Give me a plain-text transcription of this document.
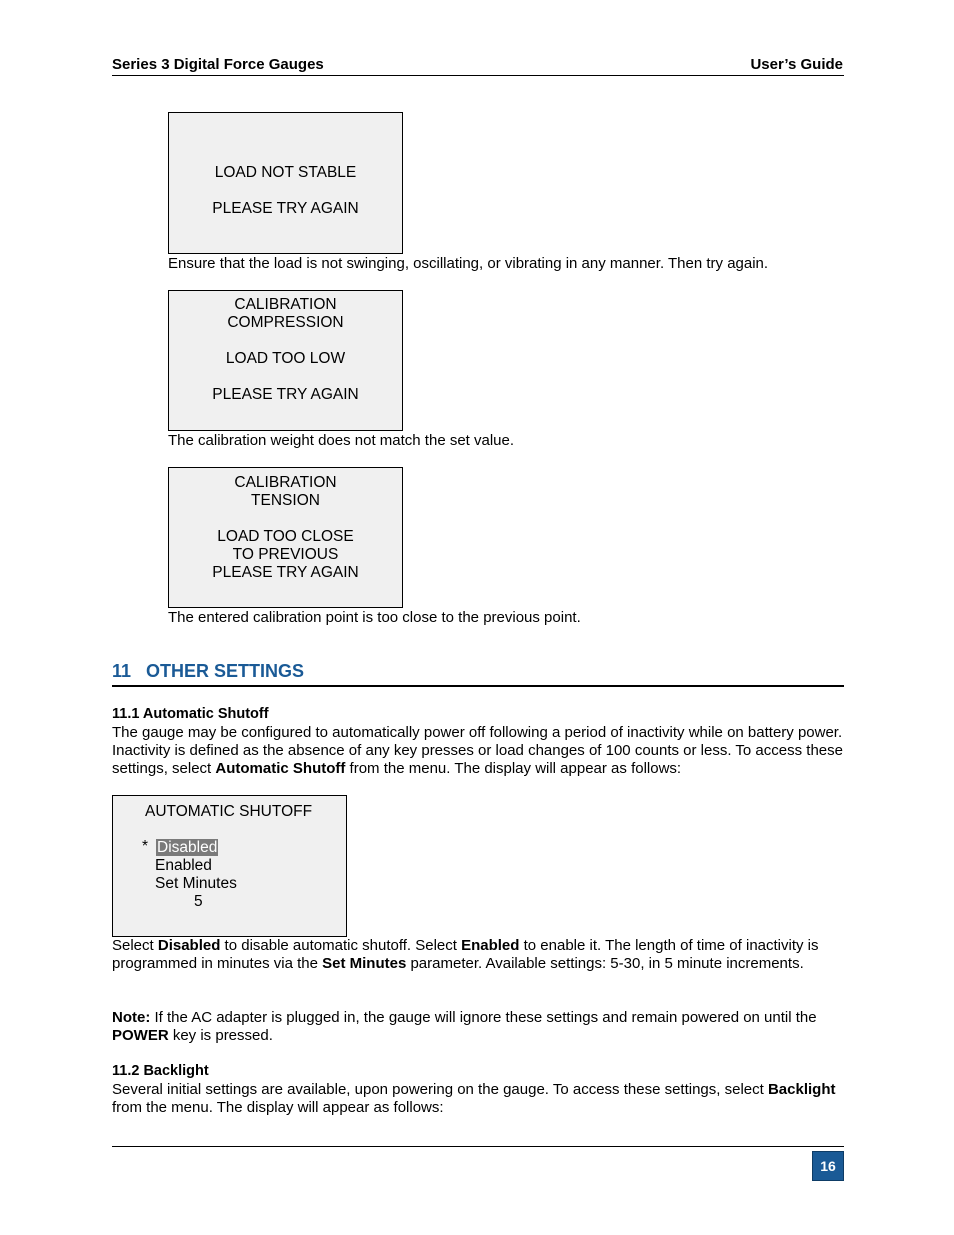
Series 3 Digital Force Gauges	User’s Guide
LOAD NOT STABLE
PLEASE TRY AGAIN
Ensure that the load is not swinging, oscillating, or vibrating in any manner. Then try again.
CALIBRATION
COMPRESSION
LOAD TOO LOW
PLEASE TRY AGAIN
The calibration weight does not match the set value.
CALIBRATION
TENSION
LOAD TOO CLOSE
TO PREVIOUS
PLEASE TRY AGAIN
The entered calibration point is too close to the previous point.
11 OTHER SETTINGS
11.1 Automatic Shutoff
The gauge may be configured to automatically power off following a period of inactivity while on battery power. Inactivity is defined as the absence of any key presses or load changes of 100 counts or less. To access these settings, select Automatic Shutoff from the menu. The display will appear as follows:
AUTOMATIC SHUTOFF
* Disabled
Enabled
Set Minutes
5
Select Disabled to disable automatic shutoff. Select Enabled to enable it. The length of time of inactivity is programmed in minutes via the Set Minutes parameter. Available settings: 5-30, in 5 minute increments.
Note: If the AC adapter is plugged in, the gauge will ignore these settings and remain powered on until the POWER key is pressed.
11.2 Backlight
Several initial settings are available, upon powering on the gauge. To access these settings, select Backlight from the menu. The display will appear as follows:
16
